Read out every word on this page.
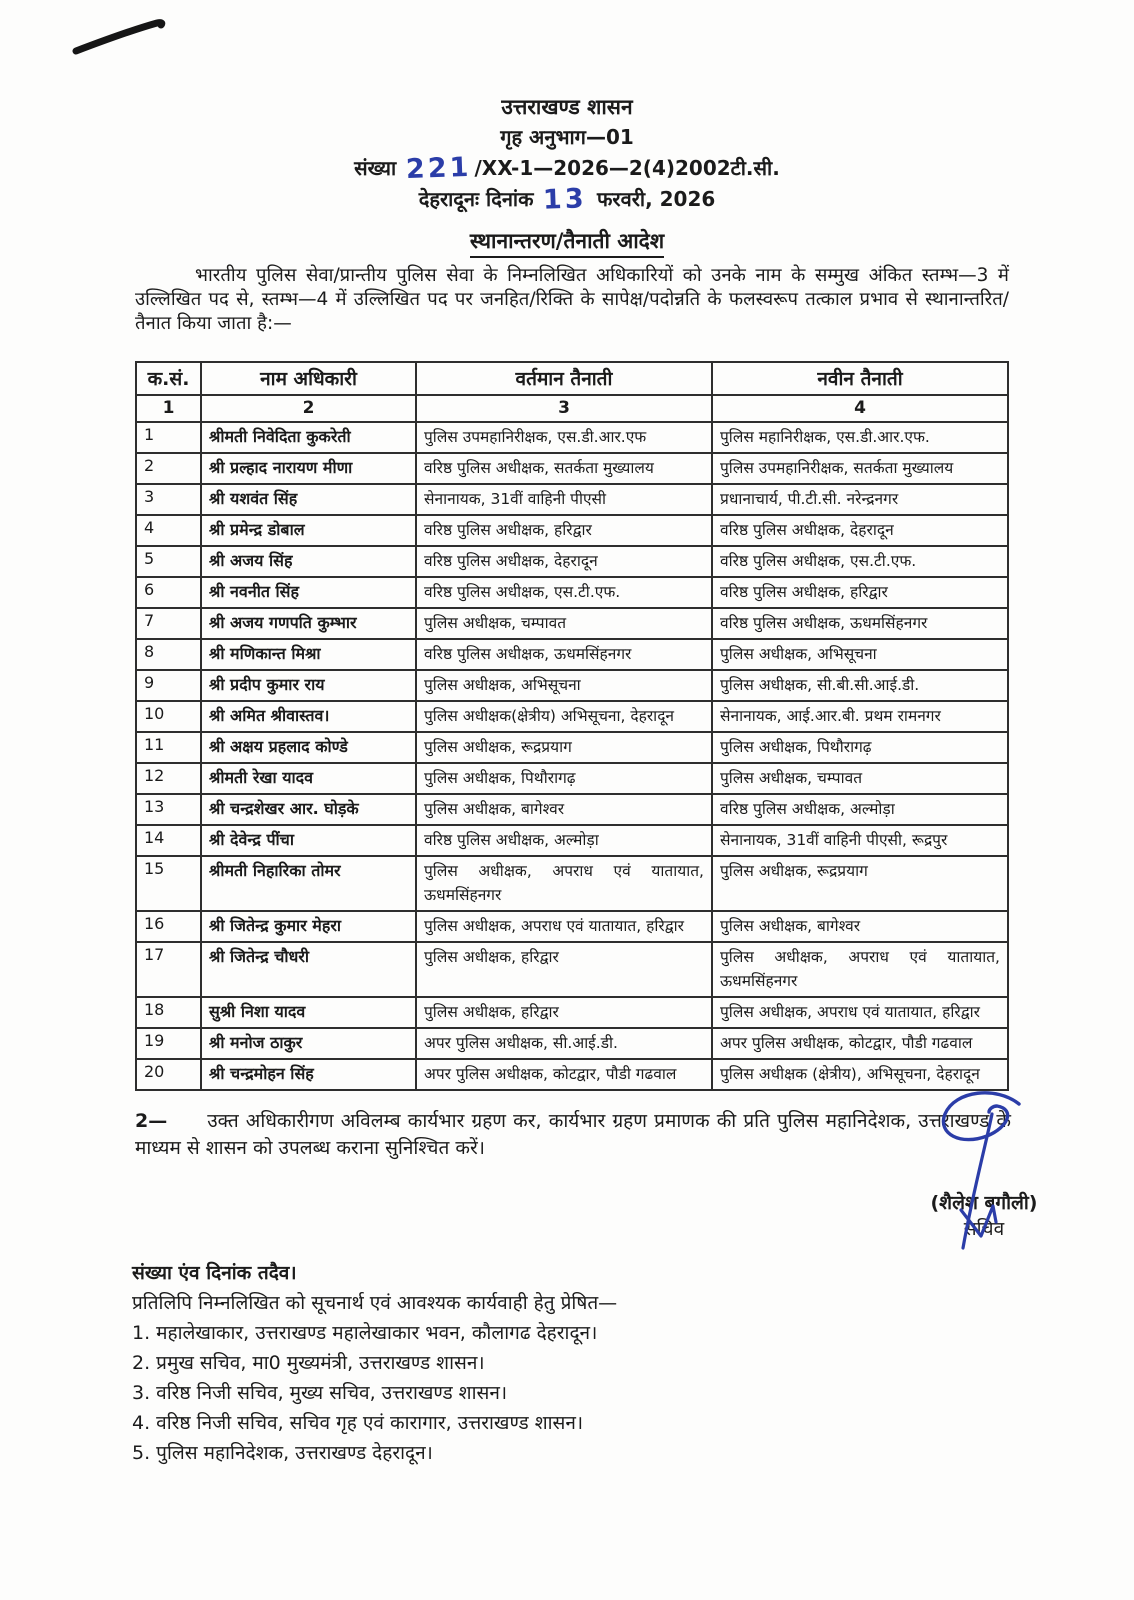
उत्तराखण्ड शासन
गृह अनुभाग—01
संख्या 221 /XX-1—2026—2(4)2002टी.सी.
देहरादूनः दिनांक 13 फरवरी, 2026
स्थानान्तरण/तैनाती आदेश

भारतीय पुलिस सेवा/प्रान्तीय पुलिस सेवा के निम्नलिखित अधिकारियों को उनके नाम के सम्मुख अंकित स्तम्भ—3 में उल्लिखित पद से, स्तम्भ—4 में उल्लिखित पद पर जनहित/रिक्ति के सापेक्ष/पदोन्नति के फलस्वरूप तत्काल प्रभाव से स्थानान्तरित/तैनात किया जाता है:—

क.सं.	नाम अधिकारी	वर्तमान तैनाती	नवीन तैनाती
1	2	3	4
1	श्रीमती निवेदिता कुकरेती	पुलिस उपमहानिरीक्षक, एस.डी.आर.एफ	पुलिस महानिरीक्षक, एस.डी.आर.एफ.
2	श्री प्रल्हाद नारायण मीणा	वरिष्ठ पुलिस अधीक्षक, सतर्कता मुख्यालय	पुलिस उपमहानिरीक्षक, सतर्कता मुख्यालय
3	श्री यशवंत सिंह	सेनानायक, 31वीं वाहिनी पीएसी	प्रधानाचार्य, पी.टी.सी. नरेन्द्रनगर
4	श्री प्रमेन्द्र डोबाल	वरिष्ठ पुलिस अधीक्षक, हरिद्वार	वरिष्ठ पुलिस अधीक्षक, देहरादून
5	श्री अजय सिंह	वरिष्ठ पुलिस अधीक्षक, देहरादून	वरिष्ठ पुलिस अधीक्षक, एस.टी.एफ.
6	श्री नवनीत सिंह	वरिष्ठ पुलिस अधीक्षक, एस.टी.एफ.	वरिष्ठ पुलिस अधीक्षक, हरिद्वार
7	श्री अजय गणपति कुम्भार	पुलिस अधीक्षक, चम्पावत	वरिष्ठ पुलिस अधीक्षक, ऊधमसिंहनगर
8	श्री मणिकान्त मिश्रा	वरिष्ठ पुलिस अधीक्षक, ऊधमसिंहनगर	पुलिस अधीक्षक, अभिसूचना
9	श्री प्रदीप कुमार राय	पुलिस अधीक्षक, अभिसूचना	पुलिस अधीक्षक, सी.बी.सी.आई.डी.
10	श्री अमित श्रीवास्तव।	पुलिस अधीक्षक(क्षेत्रीय) अभिसूचना, देहरादून	सेनानायक, आई.आर.बी. प्रथम रामनगर
11	श्री अक्षय प्रहलाद कोण्डे	पुलिस अधीक्षक, रूद्रप्रयाग	पुलिस अधीक्षक, पिथौरागढ़
12	श्रीमती रेखा यादव	पुलिस अधीक्षक, पिथौरागढ़	पुलिस अधीक्षक, चम्पावत
13	श्री चन्द्रशेखर आर. घोड़के	पुलिस अधीक्षक, बागेश्वर	वरिष्ठ पुलिस अधीक्षक, अल्मोड़ा
14	श्री देवेन्द्र पींचा	वरिष्ठ पुलिस अधीक्षक, अल्मोड़ा	सेनानायक, 31वीं वाहिनी पीएसी, रूद्रपुर
15	श्रीमती निहारिका तोमर	पुलिस अधीक्षक, अपराध एवं यातायात, ऊधमसिंहनगर	पुलिस अधीक्षक, रूद्रप्रयाग
16	श्री जितेन्द्र कुमार मेहरा	पुलिस अधीक्षक, अपराध एवं यातायात, हरिद्वार	पुलिस अधीक्षक, बागेश्वर
17	श्री जितेन्द्र चौधरी	पुलिस अधीक्षक, हरिद्वार	पुलिस अधीक्षक, अपराध एवं यातायात, ऊधमसिंहनगर
18	सुश्री निशा यादव	पुलिस अधीक्षक, हरिद्वार	पुलिस अधीक्षक, अपराध एवं यातायात, हरिद्वार
19	श्री मनोज ठाकुर	अपर पुलिस अधीक्षक, सी.आई.डी.	अपर पुलिस अधीक्षक, कोटद्वार, पौडी गढवाल
20	श्री चन्द्रमोहन सिंह	अपर पुलिस अधीक्षक, कोटद्वार, पौडी गढवाल	पुलिस अधीक्षक (क्षेत्रीय), अभिसूचना, देहरादून

2— उक्त अधिकारीगण अविलम्ब कार्यभार ग्रहण कर, कार्यभार ग्रहण प्रमाणक की प्रति पुलिस महानिदेशक, उत्तराखण्ड के माध्यम से शासन को उपलब्ध कराना सुनिश्चित करें।

(शैलेश बगौली)
सचिव
संख्या एंव दिनांक तदैव।
प्रतिलिपि निम्नलिखित को सूचनार्थ एवं आवश्यक कार्यवाही हेतु प्रेषित—
1. महालेखाकार, उत्तराखण्ड महालेखाकार भवन, कौलागढ देहरादून।
2. प्रमुख सचिव, मा0 मुख्यमंत्री, उत्तराखण्ड शासन।
3. वरिष्ठ निजी सचिव, मुख्य सचिव, उत्तराखण्ड शासन।
4. वरिष्ठ निजी सचिव, सचिव गृह एवं कारागार, उत्तराखण्ड शासन।
5. पुलिस महानिदेशक, उत्तराखण्ड देहरादून।
